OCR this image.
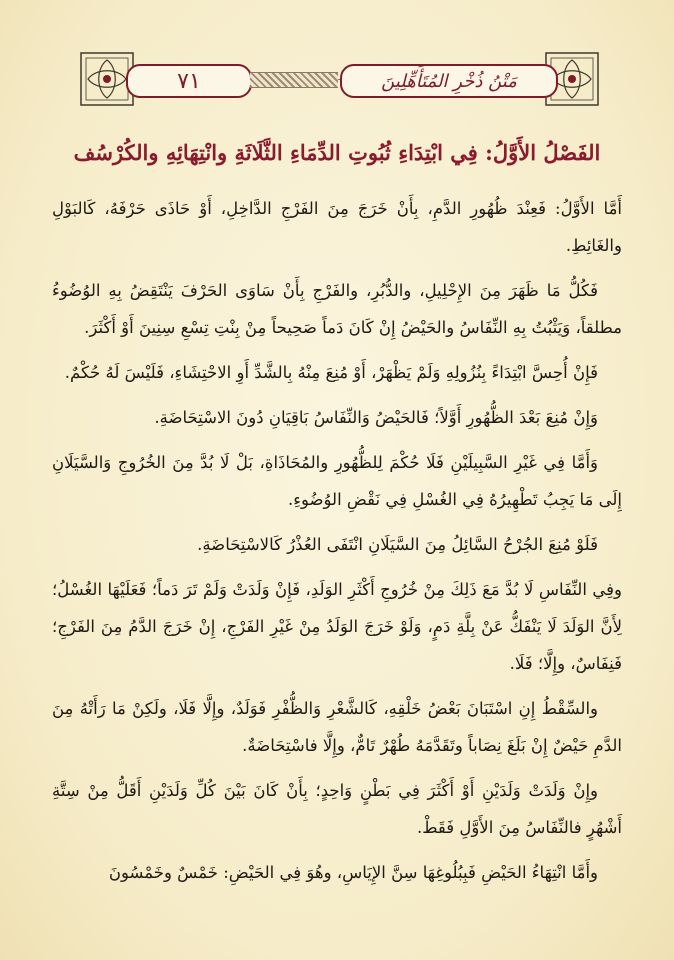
٧١	مَتْنُ ذُخْرِ المُتَأَهِّلِينَ
الفَصْلُ الأَوَّلُ: فِي ابْتِدَاءِ ثُبُوتِ الدِّمَاءِ الثَّلَاثَةِ وانْتِهَائِهِ والكُرْسُف

أَمَّا الأَوَّلُ: فَعِنْدَ ظُهُورِ الدَّمِ، بِأَنْ خَرَجَ مِنَ الفَرْجِ الدَّاخِلِ، أَوْ حَاذَى حَرْفَهُ، كَالبَوْلِ والغَائِطِ.

فَكُلُّ مَا ظَهَرَ مِنَ الإِحْلِيلِ، والدُّبُرِ، والفَرْجِ بِأَنْ سَاوَى الحَرْفَ يَنْتَقِضُ بِهِ الوُضُوءُ مطلقاً، وَيَثْبُتُ بِهِ النِّفَاسُ والحَيْضُ إِنْ كَانَ دَماً صَحِيحاً مِنْ بِنْتِ تِسْعِ سِنِينَ أَوْ أَكْثَرَ.

فَإِنْ أُحِسَّ ابْتِدَاءً بِنُزُولِهِ وَلَمْ يَظْهَرْ، أَوْ مُنِعَ مِنْهُ بِالشَّدِّ أَوِ الاحْتِشَاءِ، فَلَيْسَ لَهُ حُكْمٌ.

وَإِنْ مُنِعَ بَعْدَ الظُّهُورِ أَوَّلاً؛ فَالحَيْضُ وَالنِّفَاسُ بَاقِيَانِ دُونَ الاسْتِحَاضَةِ.

وَأَمَّا فِي غَيْرِ السَّبِيلَيْنِ فَلَا حُكْمَ لِلظُّهُورِ والمُحَاذَاةِ، بَلْ لَا بُدَّ مِنَ الخُرُوجِ وَالسَّيَلَانِ إِلَى مَا يَجِبُ تَطْهِيرُهُ فِي الغُسْلِ فِي نَقْضِ الوُضُوءِ.

فَلَوْ مُنِعَ الجُرْحُ السَّائِلُ مِنَ السَّيَلَانِ انْتَفَى العُذْرُ كَالاسْتِحَاضَةِ.

وفِي النِّفَاسِ لَا بُدَّ مَعَ ذَلِكَ مِنْ خُرُوجِ أَكْثَرِ الوَلَدِ، فَإِنْ وَلَدَتْ وَلَمْ تَرَ دَماً؛ فَعَلَيْهَا الغُسْلُ؛ لِأَنَّ الوَلَدَ لَا يَنْفَكُّ عَنْ بِلَّةِ دَمٍ، وَلَوْ خَرَجَ الوَلَدُ مِنْ غَيْرِ الفَرْجِ، إِنْ خَرَجَ الدَّمُ مِنَ الفَرْجِ؛ فَنِفَاسٌ، وإِلَّا؛ فَلَا.

والسِّقْطُ إِنِ اسْتَبَانَ بَعْضُ خَلْقِهِ، كَالشَّعْرِ وَالظُّفْرِ فَوَلَدٌ، وإِلَّا فَلَا، ولَكِنْ مَا رَأَتْهُ مِنَ الدَّمِ حَيْضٌ إِنْ بَلَغَ نِصَاباً وتَقَدَّمَهُ طُهْرٌ تَامٌّ، وإِلَّا فاسْتِحَاضَةٌ.

وإِنْ وَلَدَتْ وَلَدَيْنِ أَوْ أَكْثَرَ فِي بَطْنٍ وَاحِدٍ؛ بِأَنْ كَانَ بَيْنَ كُلِّ وَلَدَيْنِ أَقَلُّ مِنْ سِتَّةِ أَشْهُرٍ فالنِّفَاسُ مِنَ الأَوَّلِ فَقَطْ.

وأَمَّا انْتِهَاءُ الحَيْضِ فَبِبُلُوغِهَا سِنَّ الإِيَاسِ، وهُوَ فِي الحَيْضِ: خَمْسٌ وخَمْسُونَ
